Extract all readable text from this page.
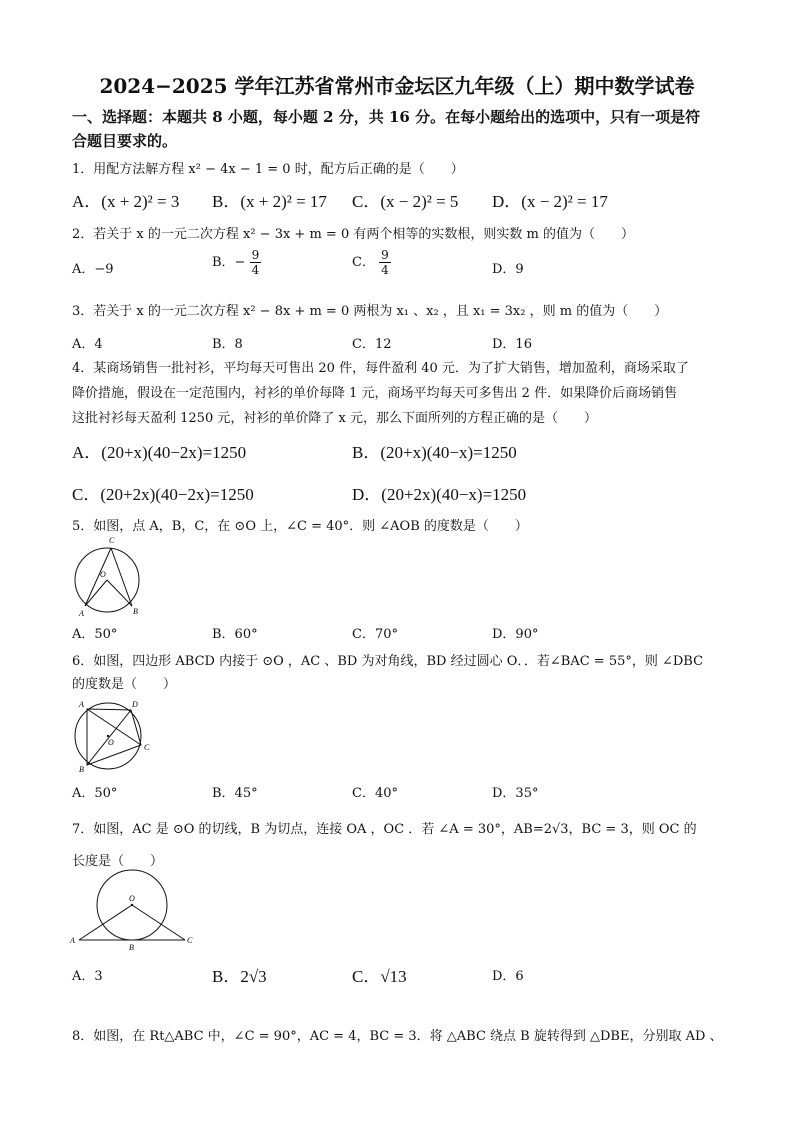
2024−2025 学年江苏省常州市金坛区九年级（上）期中数学试卷
一、选择题：本题共 8 小题，每小题 2 分，共 16 分。在每小题给出的选项中，只有一项是符
合题目要求的。
1．用配方法解方程 x² − 4x − 1 = 0 时，配方后正确的是（　　）
A．(x + 2)² = 3 B．(x + 2)² = 17 C．(x − 2)² = 5 D．(x − 2)² = 17
2．若关于 x 的一元二次方程 x² − 3x + m = 0 有两个相等的实数根，则实数 m 的值为（　　）
A．−9	B．− $\frac{9}{4}$	C． $\frac{9}{4}$	D．9
3．若关于 x 的一元二次方程 x² − 8x + m = 0 两根为 x₁ 、x₂ ，且 x₁ = 3x₂ ，则 m 的值为（　　）
A．4	B．8	C．12	D．16
4．某商场销售一批衬衫，平均每天可售出 20 件，每件盈利 40 元．为了扩大销售，增加盈利，商场采取了
降价措施，假设在一定范围内，衬衫的单价每降 1 元，商场平均每天可多售出 2 件．如果降价后商场销售
这批衬衫每天盈利 1250 元，衬衫的单价降了 x 元，那么下面所列的方程正确的是（　　）
A．(20+x)(40−2x)=1250	B．(20+x)(40−x)=1250
C．(20+2x)(40−2x)=1250	D．(20+2x)(40−x)=1250
5．如图，点 A，B，C，在 ⊙O 上，∠C = 40°．则 ∠AOB 的度数是（　　）
C
O
A	B
A．50°	B．60°	C．70°	D．90°
6．如图，四边形 ABCD 内接于 ⊙O ，AC 、BD 为对角线，BD 经过圆心 O．．若∠BAC = 55°，则 ∠DBC
的度数是（　　）
A	D
O
C
B
A．50°	B．45°	C．40°	D．35°
7．如图，AC 是 ⊙O 的切线，B 为切点，连接 OA ，OC ．若 ∠A = 30°，AB=2√3，BC = 3，则 OC 的
长度是（　　）
O
A
B
C
A．3	B．2√3	C．√13	D．6
8．如图，在 Rt△ABC 中，∠C = 90°，AC = 4，BC = 3．将 △ABC 绕点 B 旋转得到 △DBE，分别取 AD 、
